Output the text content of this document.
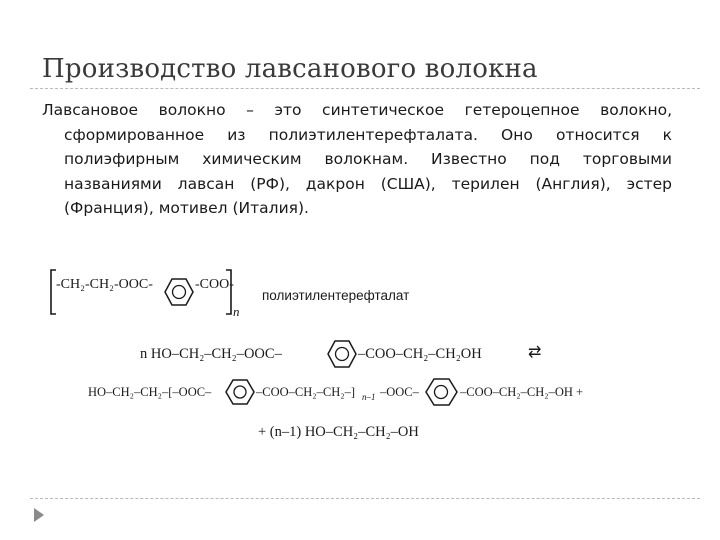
Производство лавсанового волокна
Лавсановое волокно – это синтетическое гетероцепное волокно, сформированное из полиэтилентерефталата. Оно относится к полиэфирным химическим волокнам. Известно под торговыми названиями лавсан (РФ), дакрон (США), терилен (Англия), эстер (Франция), мотивел (Италия).
-CH₂-CH₂-OOC-	-COO-
n
полиэтилентерефталат
n HO–CH₂–CH₂–OOC–	–COO–CH₂–CH₂OH	⇄
HO–CH₂–CH₂–[–OOC–	–COO–CH₂–CH₂–] n–1 –OOC–	–COO–CH₂–CH₂–OH +
+ (n–1) HO–CH₂–CH₂–OH
